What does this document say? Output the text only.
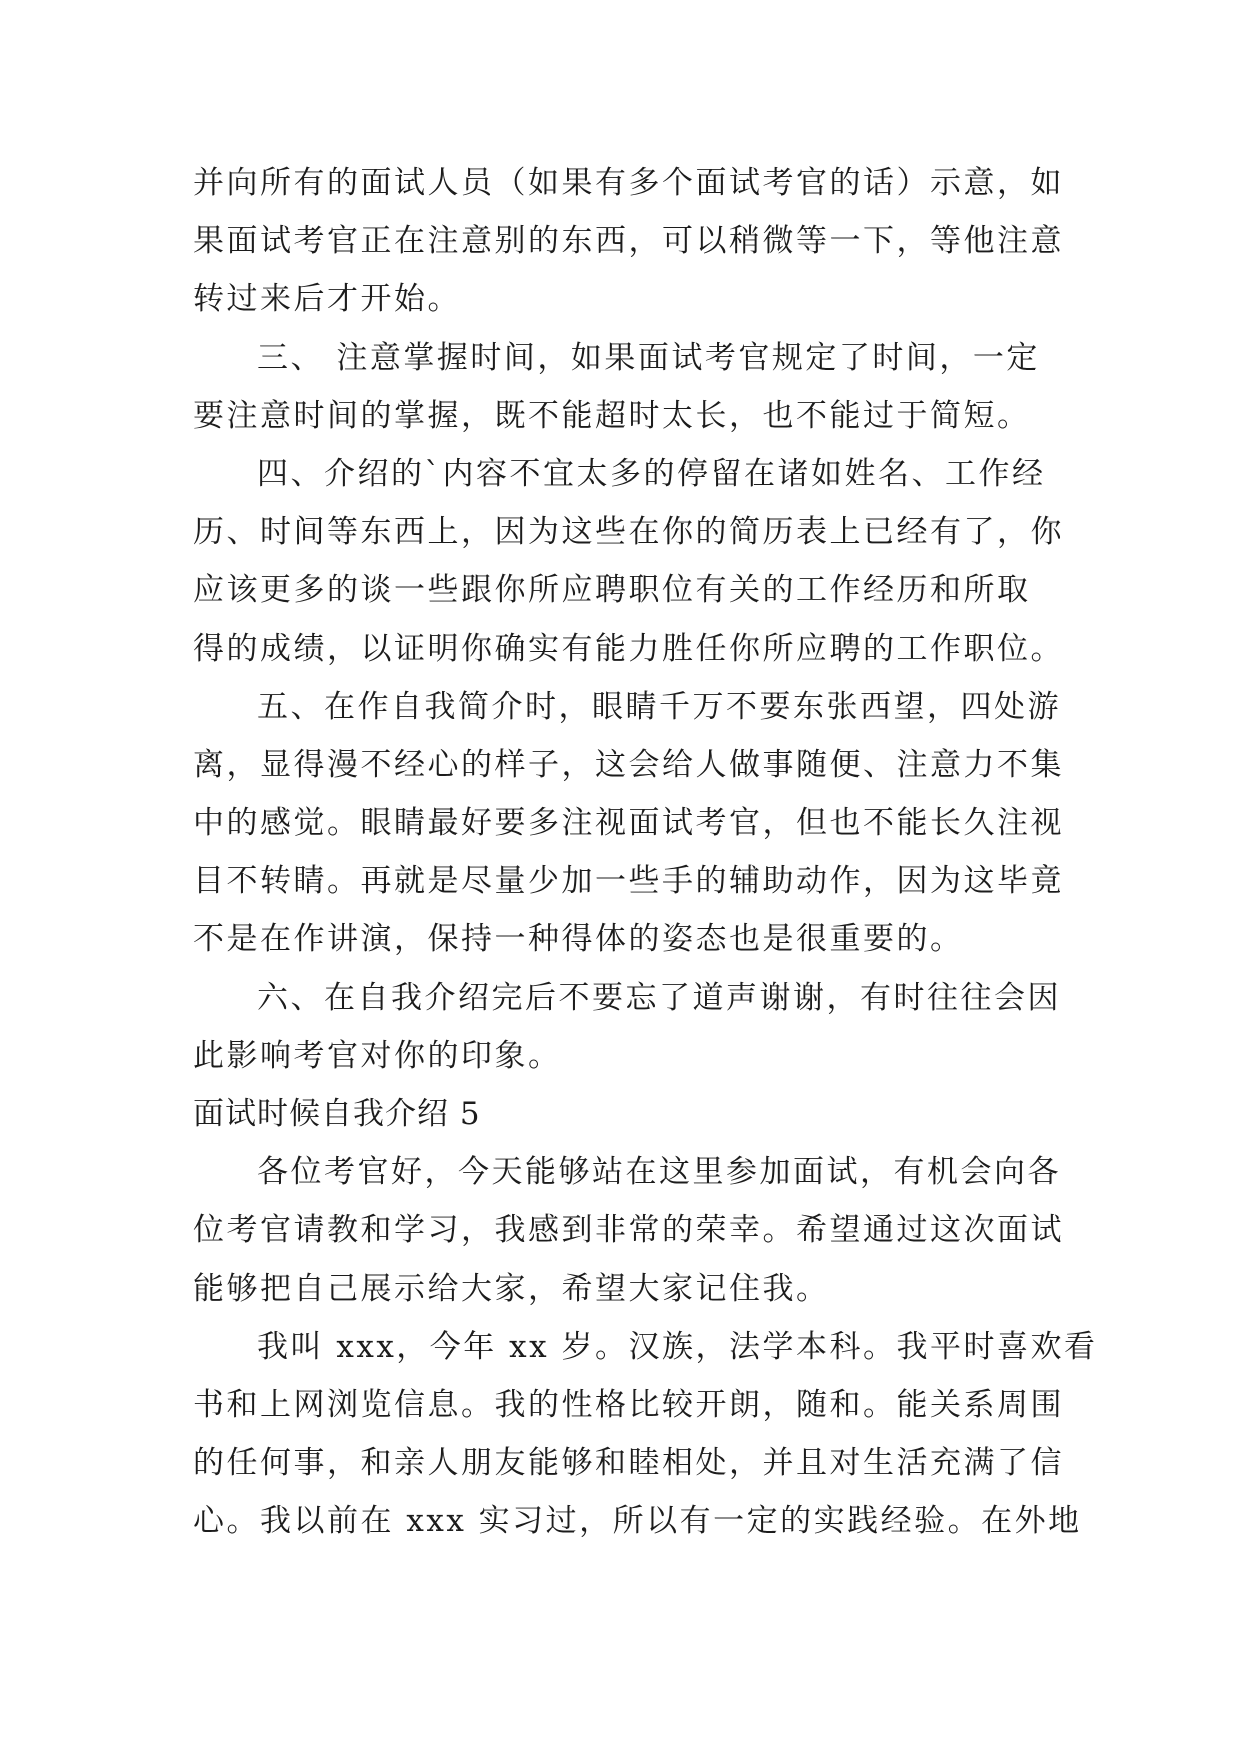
并向所有的面试人员（如果有多个面试考官的话）示意，如
果面试考官正在注意别的东西，可以稍微等一下，等他注意
转过来后才开始。
三、 注意掌握时间，如果面试考官规定了时间，一定
要注意时间的掌握，既不能超时太长，也不能过于简短。
四、介绍的`内容不宜太多的停留在诸如姓名、工作经
历、时间等东西上，因为这些在你的简历表上已经有了，你
应该更多的谈一些跟你所应聘职位有关的工作经历和所取
得的成绩，以证明你确实有能力胜任你所应聘的工作职位。
五、在作自我简介时，眼睛千万不要东张西望，四处游
离，显得漫不经心的样子，这会给人做事随便、注意力不集
中的感觉。眼睛最好要多注视面试考官，但也不能长久注视
目不转睛。再就是尽量少加一些手的辅助动作，因为这毕竟
不是在作讲演，保持一种得体的姿态也是很重要的。
六、在自我介绍完后不要忘了道声谢谢，有时往往会因
此影响考官对你的印象。
面试时候自我介绍 5
各位考官好，今天能够站在这里参加面试，有机会向各
位考官请教和学习，我感到非常的荣幸。希望通过这次面试
能够把自己展示给大家，希望大家记住我。
我叫 xxx，今年 xx 岁。汉族，法学本科。我平时喜欢看
书和上网浏览信息。我的性格比较开朗，随和。能关系周围
的任何事，和亲人朋友能够和睦相处，并且对生活充满了信
心。我以前在 xxx 实习过，所以有一定的实践经验。在外地
